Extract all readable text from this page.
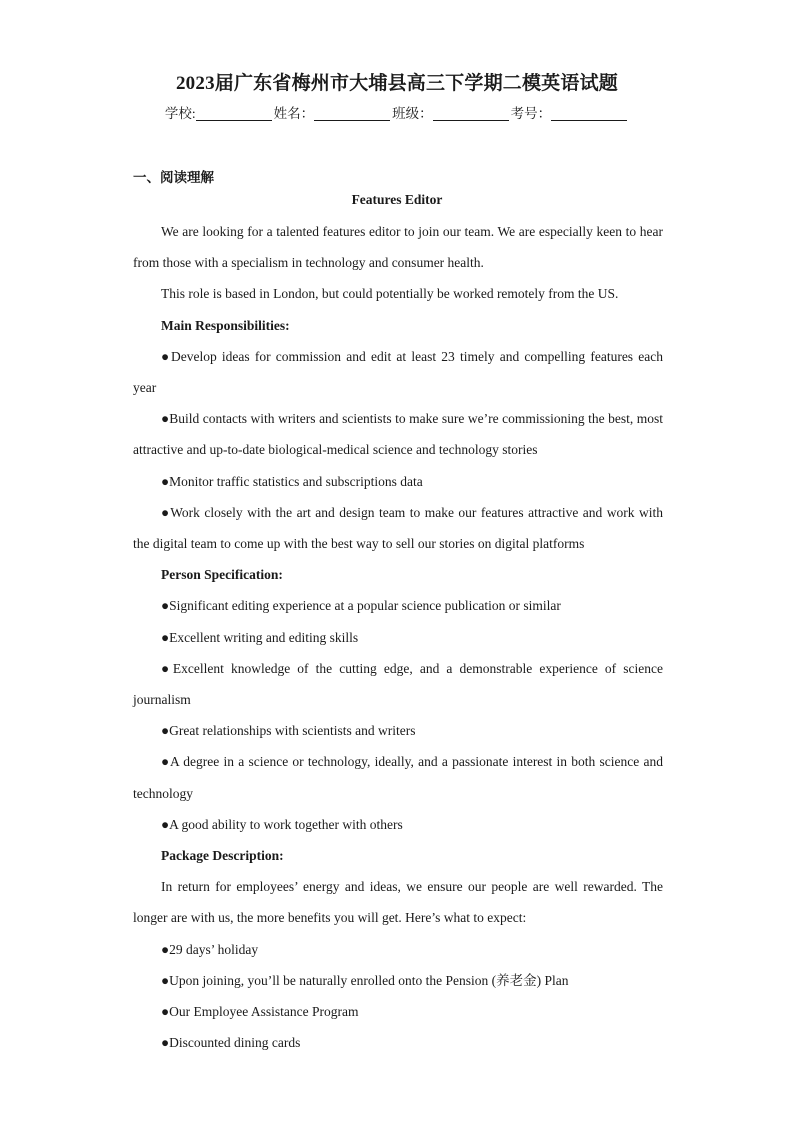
2023届广东省梅州市大埔县高三下学期二模英语试题
学校:	姓名：	班级：	考号：
一、阅读理解
Features Editor

We are looking for a talented features editor to join our team. We are especially keen to hear from those with a specialism in technology and consumer health.

This role is based in London, but could potentially be worked remotely from the US.

Main Responsibilities:

●Develop ideas for commission and edit at least 23 timely and compelling features each year

●Build contacts with writers and scientists to make sure we’re commissioning the best, most attractive and up-to-date biological-medical science and technology stories

●Monitor traffic statistics and subscriptions data

●Work closely with the art and design team to make our features attractive and work with the digital team to come up with the best way to sell our stories on digital platforms

Person Specification:

●Significant editing experience at a popular science publication or similar

●Excellent writing and editing skills

●Excellent knowledge of the cutting edge, and a demonstrable experience of science journalism

●Great relationships with scientists and writers

●A degree in a science or technology, ideally, and a passionate interest in both science and technology

●A good ability to work together with others

Package Description:

In return for employees’ energy and ideas, we ensure our people are well rewarded. The longer are with us, the more benefits you will get. Here’s what to expect:

●29 days’ holiday

●Upon joining, you’ll be naturally enrolled onto the Pension (养老金) Plan

●Our Employee Assistance Program

●Discounted dining cards
